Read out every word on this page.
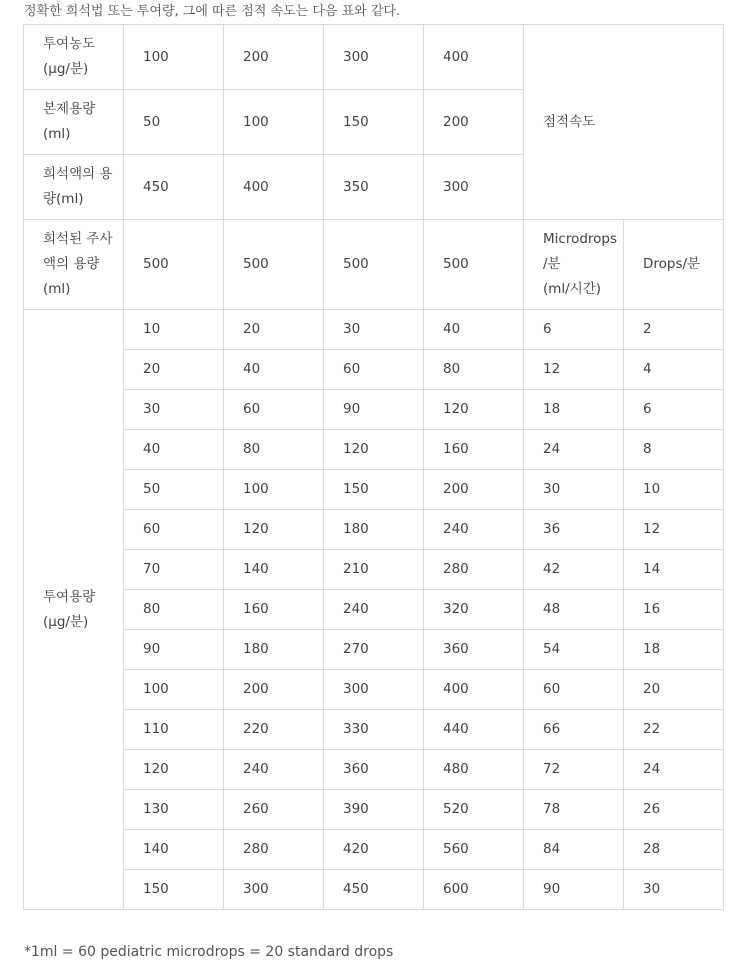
정확한 희석법 또는 투여량, 그에 따른 점적 속도는 다음 표와 같다.
투여농도
(μg/분)	100	200	300	400	점적속도	
본제용량
(ml)	50	100	150	200		
희석액의 용
량(ml)	450	400	350	300		
희석된 주사
액의 용량
(ml)	500	500	500	500	Microdrops
/분
(ml/시간)	Drops/분
투여용량
(μg/분)	10	20	30	40	6	2
	20	40	60	80	12	4
	30	60	90	120	18	6
	40	80	120	160	24	8
	50	100	150	200	30	10
	60	120	180	240	36	12
	70	140	210	280	42	14
	80	160	240	320	48	16
	90	180	270	360	54	18
	100	200	300	400	60	20
	110	220	330	440	66	22
	120	240	360	480	72	24
	130	260	390	520	78	26
	140	280	420	560	84	28
	150	300	450	600	90	30
*1ml = 60 pediatric microdrops = 20 standard drops
